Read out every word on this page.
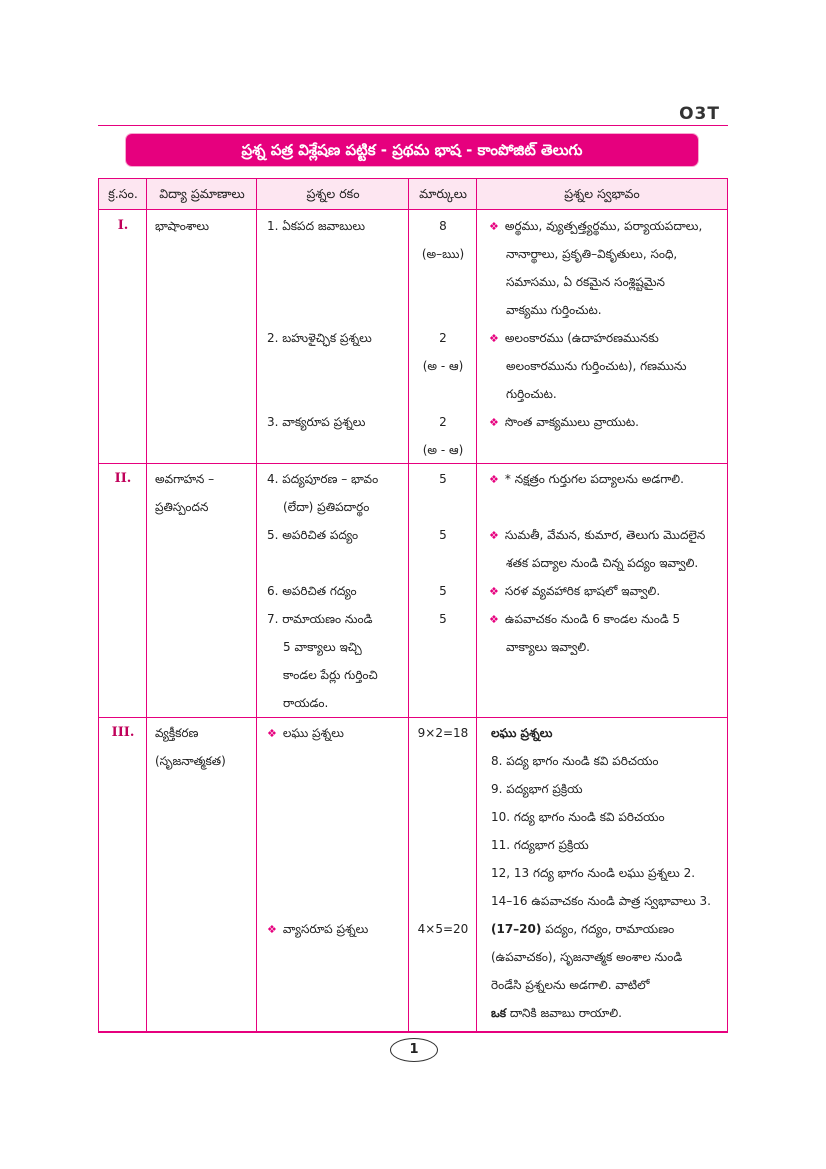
O3T
ప్రశ్న పత్ర విశ్లేషణ పట్టిక - ప్రథమ భాష - కాంపోజిట్ తెలుగు
క్ర.సం.	విద్యా ప్రమాణాలు	ప్రశ్నల రకం	మార్కులు	ప్రశ్నల స్వభావం
I.	భాషాంశాలు	1. ఏకపద జవాబులు	8
(అ–ఋ)
❖ అర్థము, వ్యుత్పత్త్యర్థము, పర్యాయపదాలు,
నానార్థాలు, ప్రకృతి–వికృతులు, సంధి,
సమాసము, ఏ రకమైన సంశ్లిష్టమైన
వాక్యము గుర్తించుట.
2. బహుళైచ్ఛిక ప్రశ్నలు	2
(అ - ఆ)
❖ అలంకారము (ఉదాహరణమునకు
అలంకారమును గుర్తించుట), గణమును
గుర్తించుట.
3. వాక్యరూప ప్రశ్నలు	2
(అ - ఆ)
❖ సొంత వాక్యములు వ్రాయుట.
II.	అవగాహన –
ప్రతిస్పందన
4. పద్యపూరణ – భావం
(లేదా) ప్రతిపదార్థం
5	❖ * నక్షత్రం గుర్తుగల పద్యాలను అడగాలి.
5. అపరిచిత పద్యం	5	❖ సుమతీ, వేమన, కుమార, తెలుగు మొదలైన
శతక పద్యాల నుండి చిన్న పద్యం ఇవ్వాలి.
6. అపరిచిత గద్యం	5	❖ సరళ వ్యవహారిక భాషలో ఇవ్వాలి.
7. రామాయణం నుండి
5 వాక్యాలు ఇచ్చి
కాండల పేర్లు గుర్తించి
రాయడం.
5	❖ ఉపవాచకం నుండి 6 కాండల నుండి 5
వాక్యాలు ఇవ్వాలి.
III.	వ్యక్తీకరణ
(సృజనాత్మకత)
❖ లఘు ప్రశ్నలు	9×2=18	లఘు ప్రశ్నలు
8. పద్య భాగం నుండి కవి పరిచయం
9. పద్యభాగ ప్రక్రియ
10. గద్య భాగం నుండి కవి పరిచయం
11. గద్యభాగ ప్రక్రియ
12, 13 గద్య భాగం నుండి లఘు ప్రశ్నలు 2.
14–16 ఉపవాచకం నుండి పాత్ర స్వభావాలు 3.
❖ వ్యాసరూప ప్రశ్నలు	4×5=20	(17–20) పద్యం, గద్యం, రామాయణం
(ఉపవాచకం), సృజనాత్మక అంశాల నుండి
రెండేసి ప్రశ్నలను అడగాలి. వాటిలో
ఒక దానికి జవాబు రాయాలి.
1
